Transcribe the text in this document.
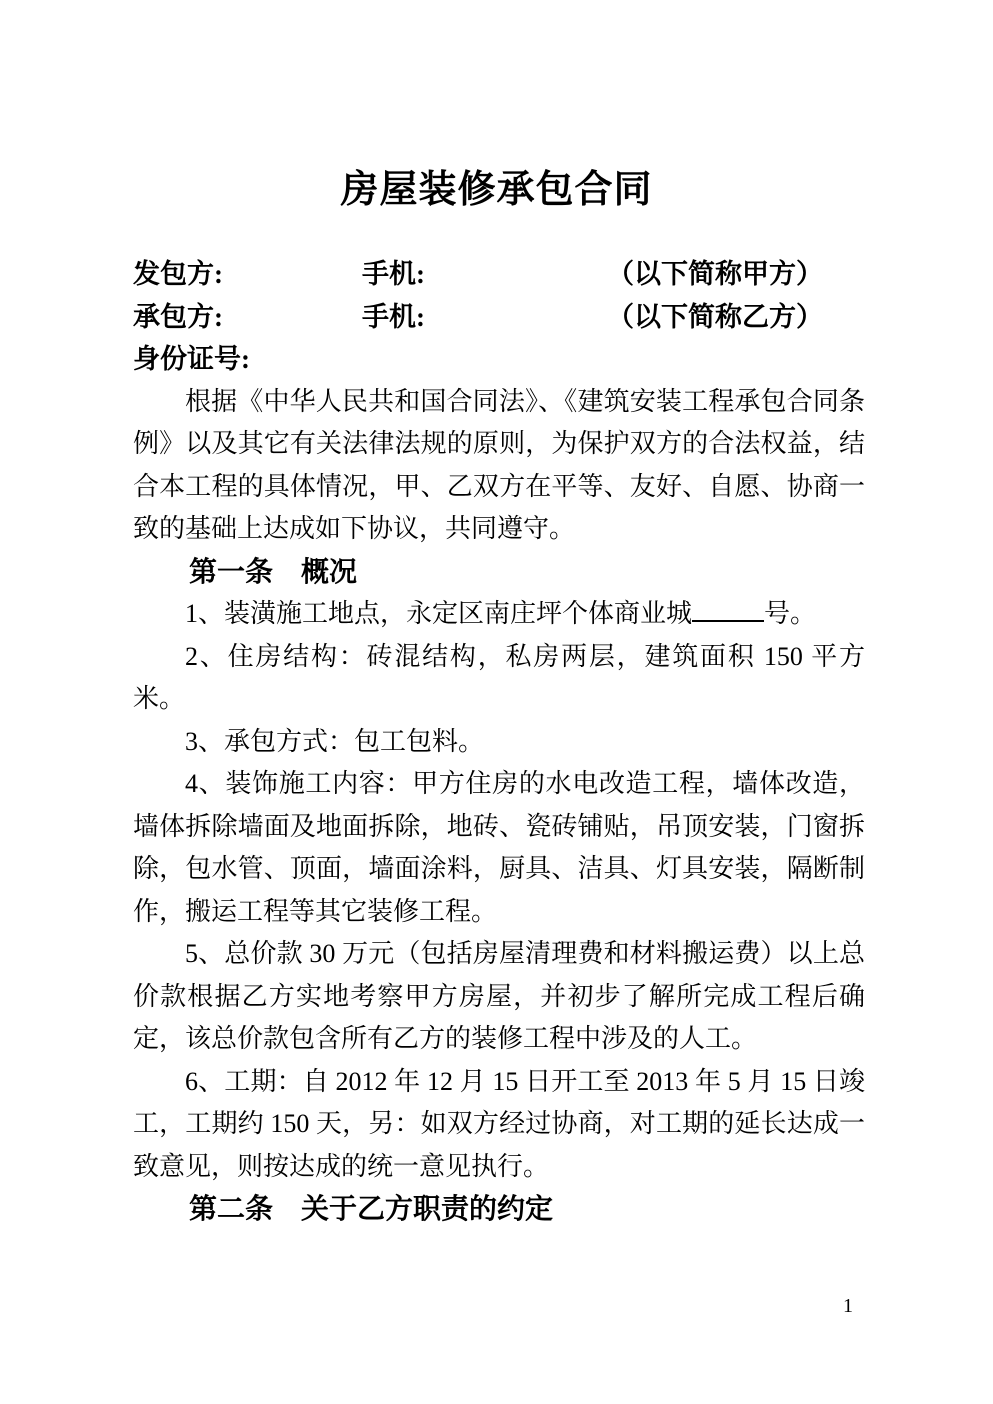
房屋装修承包合同
发包方:	手机:	（以下简称甲方）
承包方:	手机:	（以下简称乙方）
身份证号:

根据《中华人民共和国合同法》、《建筑安装工程承包合同条例》以及其它有关法律法规的原则，为保护双方的合法权益，结合本工程的具体情况，甲、乙双方在平等、友好、自愿、协商一致的基础上达成如下协议，共同遵守。

第一条　概况

1、装潢施工地点，永定区南庄坪个体商业城	号。

2、住房结构：砖混结构，私房两层，建筑面积 150 平方米。

3、承包方式：包工包料。

4、装饰施工内容：甲方住房的水电改造工程，墙体改造，墙体拆除墙面及地面拆除，地砖、瓷砖铺贴，吊顶安装，门窗拆除，包水管、顶面，墙面涂料，厨具、洁具、灯具安装，隔断制作，搬运工程等其它装修工程。

5、总价款 30 万元（包括房屋清理费和材料搬运费）以上总价款根据乙方实地考察甲方房屋，并初步了解所完成工程后确定，该总价款包含所有乙方的装修工程中涉及的人工。

6、工期：自 2012 年 12 月 15 日开工至 2013 年 5 月 15 日竣工，工期约 150 天，另：如双方经过协商，对工期的延长达成一致意见，则按达成的统一意见执行。

第二条　关于乙方职责的约定

1
